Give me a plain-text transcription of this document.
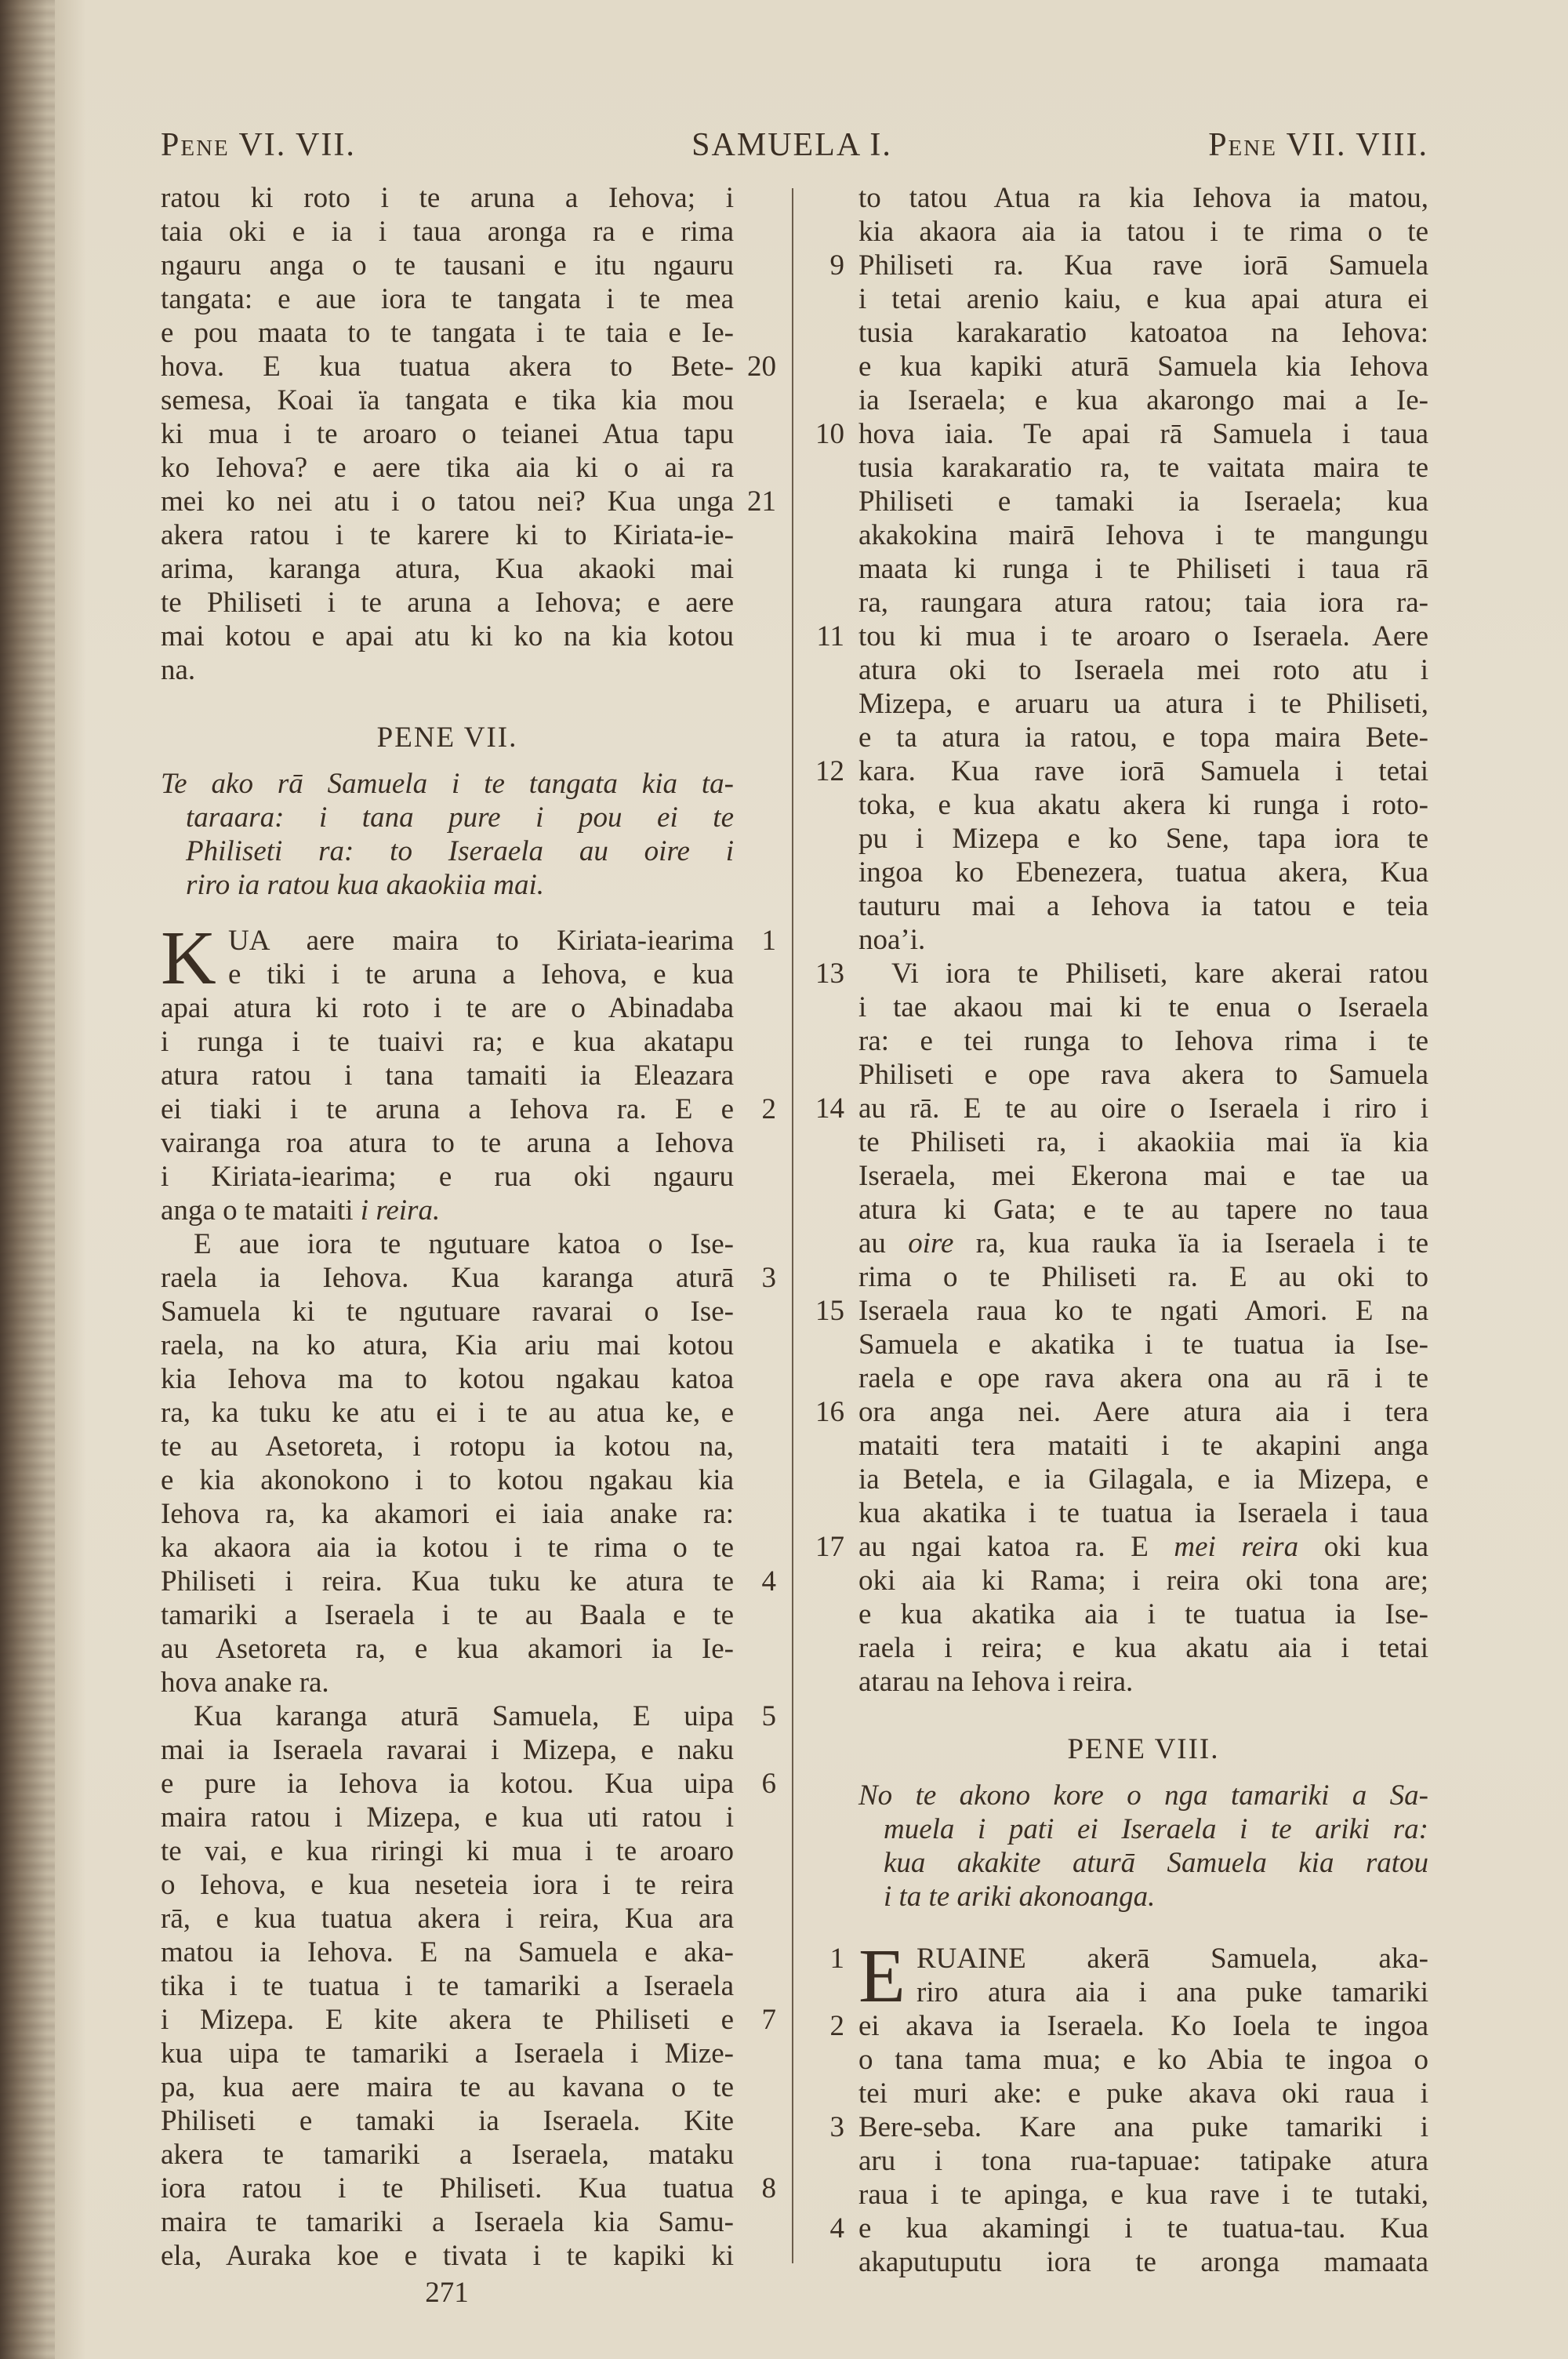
Pene VI. VII.	SAMUELA I.	Pene VII. VIII.
ratou ki roto i te aruna a Iehova; i
taia oki e ia i taua aronga ra e rima
ngauru anga o te tausani e itu ngauru
tangata: e aue iora te tangata i te mea
e pou maata to te tangata i te taia e Ie-
hova. E kua tuatua akera to Bete- 20
semesa, Koai ïa tangata e tika kia mou
ki mua i te aroaro o teianei Atua tapu
ko Iehova? e aere tika aia ki o ai ra
mei ko nei atu i o tatou nei? Kua unga 21
akera ratou i te karere ki to Kiriata-ie-
arima, karanga atura, Kua akaoki mai
te Philiseti i te aruna a Iehova; e aere
mai kotou e apai atu ki ko na kia kotou
na.
PENE VII.
Te ako rā Samuela i te tangata kia ta-
taraara: i tana pure i pou ei te
Philiseti ra: to Iseraela au oire i
riro ia ratou kua akaokiia mai.
K UA aere maira to Kiriata-iearima 1
e tiki i te aruna a Iehova, e kua
apai atura ki roto i te are o Abinadaba
i runga i te tuaivi ra; e kua akatapu
atura ratou i tana tamaiti ia Eleazara
ei tiaki i te aruna a Iehova ra. E e 2
vairanga roa atura to te aruna a Iehova
i Kiriata-iearima; e rua oki ngauru
anga o te mataiti i reira.
E aue iora te ngutuare katoa o Ise-
raela ia Iehova. Kua karanga aturā 3
Samuela ki te ngutuare ravarai o Ise-
raela, na ko atura, Kia ariu mai kotou
kia Iehova ma to kotou ngakau katoa
ra, ka tuku ke atu ei i te au atua ke, e
te au Asetoreta, i rotopu ia kotou na,
e kia akonokono i to kotou ngakau kia
Iehova ra, ka akamori ei iaia anake ra:
ka akaora aia ia kotou i te rima o te
Philiseti i reira. Kua tuku ke atura te 4
tamariki a Iseraela i te au Baala e te
au Asetoreta ra, e kua akamori ia Ie-
hova anake ra.
Kua karanga aturā Samuela, E uipa 5
mai ia Iseraela ravarai i Mizepa, e naku
e pure ia Iehova ia kotou. Kua uipa 6
maira ratou i Mizepa, e kua uti ratou i
te vai, e kua riringi ki mua i te aroaro
o Iehova, e kua neseteia iora i te reira
rā, e kua tuatua akera i reira, Kua ara
matou ia Iehova. E na Samuela e aka-
tika i te tuatua i te tamariki a Iseraela
i Mizepa. E kite akera te Philiseti e 7
kua uipa te tamariki a Iseraela i Mize-
pa, kua aere maira te au kavana o te
Philiseti e tamaki ia Iseraela. Kite
akera te tamariki a Iseraela, mataku
iora ratou i te Philiseti. Kua tuatua 8
maira te tamariki a Iseraela kia Samu-
ela, Auraka koe e tivata i te kapiki ki
to tatou Atua ra kia Iehova ia matou,
kia akaora aia ia tatou i te rima o te
Philiseti ra. Kua rave iorā Samuela
9
i tetai arenio kaiu, e kua apai atura ei
tusia karakaratio katoatoa na Iehova:
e kua kapiki aturā Samuela kia Iehova
ia Iseraela; e kua akarongo mai a Ie-
hova iaia. Te apai rā Samuela i taua
10
tusia karakaratio ra, te vaitata maira te
Philiseti e tamaki ia Iseraela; kua
akakokina mairā Iehova i te mangungu
maata ki runga i te Philiseti i taua rā
ra, raungara atura ratou; taia iora ra-
tou ki mua i te aroaro o Iseraela. Aere
11
atura oki to Iseraela mei roto atu i
Mizepa, e aruaru ua atura i te Philiseti,
e ta atura ia ratou, e topa maira Bete-
kara. Kua rave iorā Samuela i tetai
12
toka, e kua akatu akera ki runga i roto-
pu i Mizepa e ko Sene, tapa iora te
ingoa ko Ebenezera, tuatua akera, Kua
tauturu mai a Iehova ia tatou e teia
noa’i.
Vi iora te Philiseti, kare akerai ratou
13
i tae akaou mai ki te enua o Iseraela
ra: e tei runga to Iehova rima i te
Philiseti e ope rava akera to Samuela
au rā. E te au oire o Iseraela i riro i
14
te Philiseti ra, i akaokiia mai ïa kia
Iseraela, mei Ekerona mai e tae ua
atura ki Gata; e te au tapere no taua
au oire ra, kua rauka ïa ia Iseraela i te
rima o te Philiseti ra. E au oki to
Iseraela raua ko te ngati Amori. E na
15
Samuela e akatika i te tuatua ia Ise-
raela e ope rava akera ona au rā i te
ora anga nei. Aere atura aia i tera
16
mataiti tera mataiti i te akapini anga
ia Betela, e ia Gilagala, e ia Mizepa, e
kua akatika i te tuatua ia Iseraela i taua
au ngai katoa ra. E mei reira oki kua
17
oki aia ki Rama; i reira oki tona are;
e kua akatika aia i te tuatua ia Ise-
raela i reira; e kua akatu aia i tetai
atarau na Iehova i reira.
PENE VIII.
No te akono kore o nga tamariki a Sa-
muela i pati ei Iseraela i te ariki ra:
kua akakite aturā Samuela kia ratou
i ta te ariki akonoanga.
E RUAINE akerā Samuela, aka-
1
riro atura aia i ana puke tamariki
ei akava ia Iseraela. Ko Ioela te ingoa
2
o tana tama mua; e ko Abia te ingoa o
tei muri ake: e puke akava oki raua i
Bere-seba. Kare ana puke tamariki i
3
aru i tona rua-tapuae: tatipake atura
raua i te apinga, e kua rave i te tutaki,
e kua akamingi i te tuatua-tau. Kua
4
akaputuputu iora te aronga mamaata
271
